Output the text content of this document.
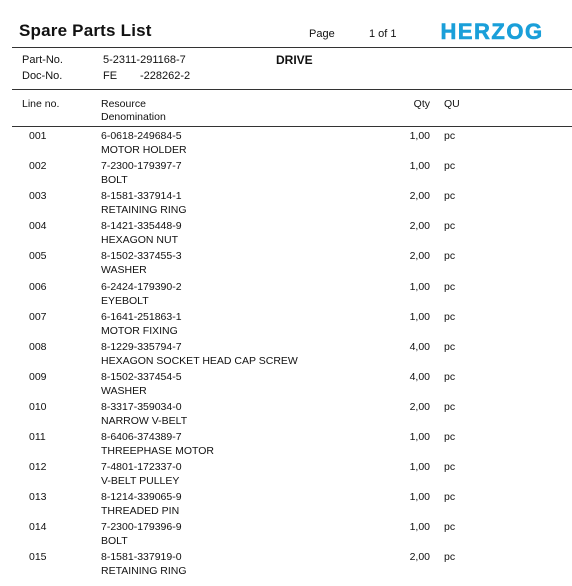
Spare Parts List	Page	1 of 1 HERZOG
Part-No.	5-2311-291168-7	DRIVE
Doc-No.	FE -228262-2
Line no.	Resource
Denomination
Qty QU
001	6-0618-249684-5
MOTOR HOLDER
1,00 pc
002	7-2300-179397-7
BOLT
1,00 pc
003	8-1581-337914-1
RETAINING RING
2,00 pc
004	8-1421-335448-9
HEXAGON NUT
2,00 pc
005	8-1502-337455-3
WASHER
2,00 pc
006	6-2424-179390-2
EYEBOLT
1,00 pc
007	6-1641-251863-1
MOTOR FIXING
1,00 pc
008	8-1229-335794-7
HEXAGON SOCKET HEAD CAP SCREW
4,00 pc
009	8-1502-337454-5
WASHER
4,00 pc
010	8-3317-359034-0
NARROW V-BELT
2,00 pc
011	8-6406-374389-7
THREEPHASE MOTOR
1,00 pc
012	7-4801-172337-0
V-BELT PULLEY
1,00 pc
013	8-1214-339065-9
THREADED PIN
1,00 pc
014	7-2300-179396-9
BOLT
1,00 pc
015	8-1581-337919-0
RETAINING RING
2,00 pc
